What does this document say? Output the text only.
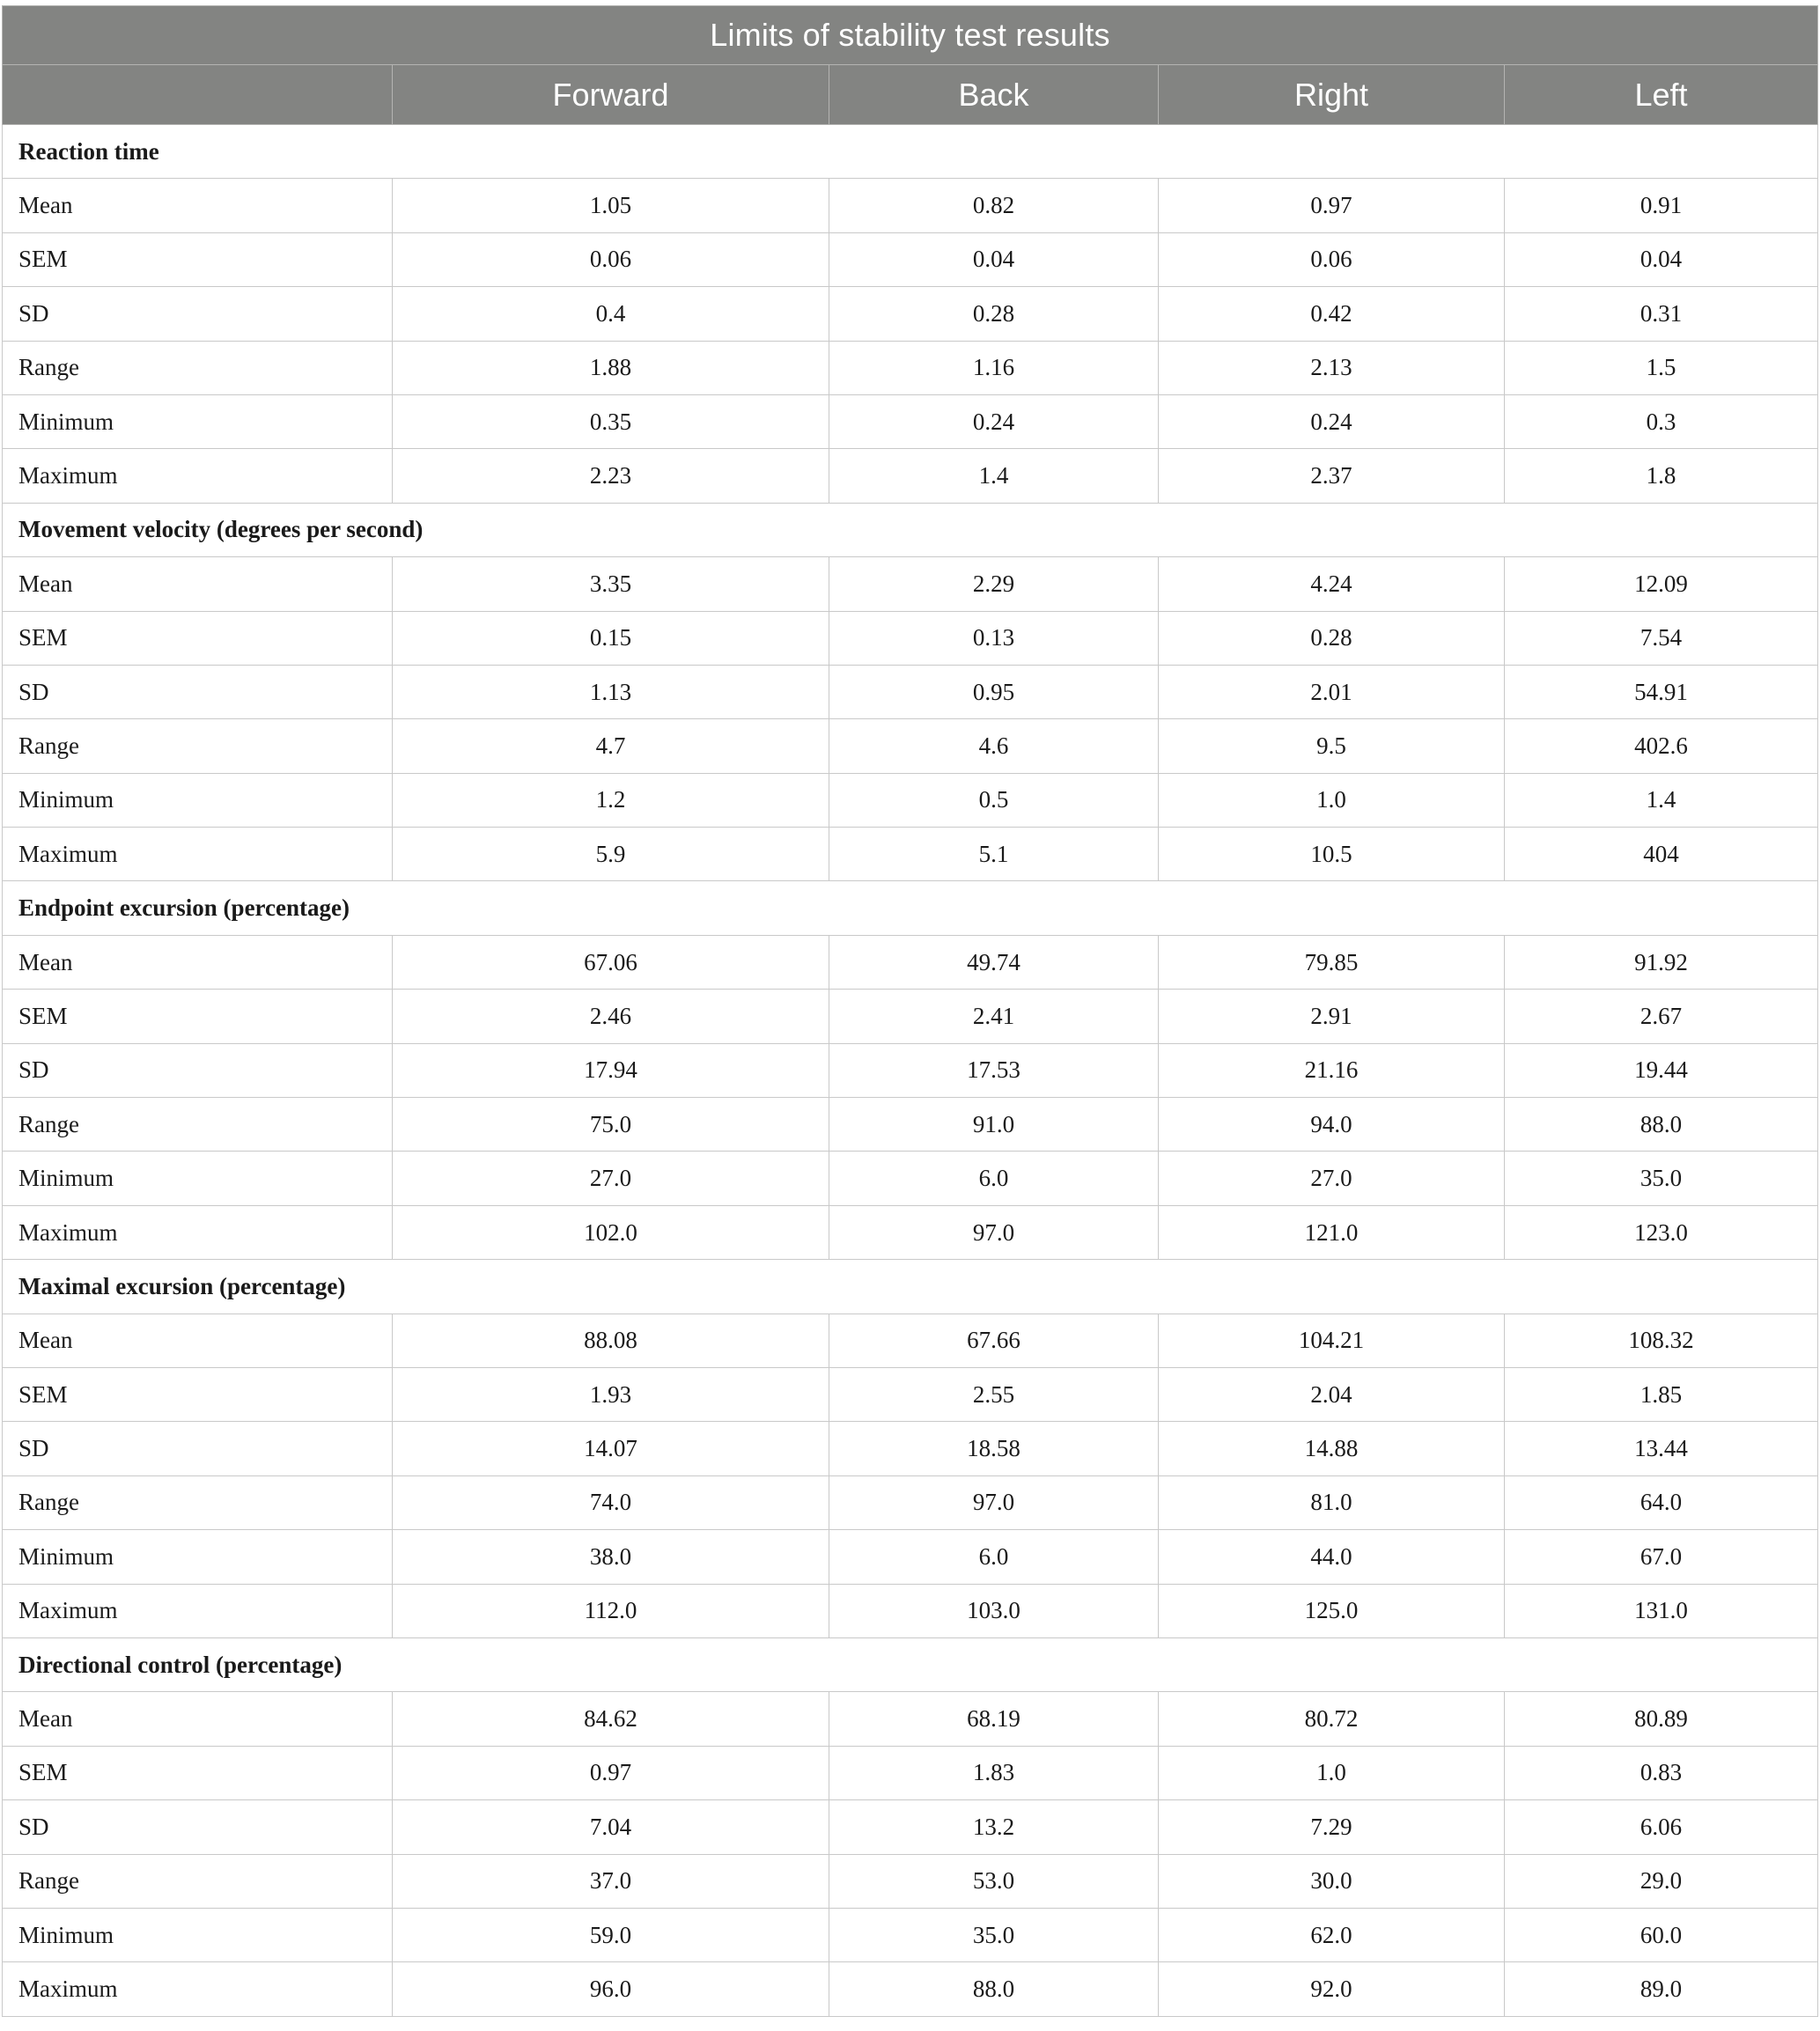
Limits of stability test results				
	Forward	Back	Right	Left
Reaction time				
Mean	1.05	0.82	0.97	0.91
SEM	0.06	0.04	0.06	0.04
SD	0.4	0.28	0.42	0.31
Range	1.88	1.16	2.13	1.5
Minimum	0.35	0.24	0.24	0.3
Maximum	2.23	1.4	2.37	1.8
Movement velocity (degrees per second)				
Mean	3.35	2.29	4.24	12.09
SEM	0.15	0.13	0.28	7.54
SD	1.13	0.95	2.01	54.91
Range	4.7	4.6	9.5	402.6
Minimum	1.2	0.5	1.0	1.4
Maximum	5.9	5.1	10.5	404
Endpoint excursion (percentage)				
Mean	67.06	49.74	79.85	91.92
SEM	2.46	2.41	2.91	2.67
SD	17.94	17.53	21.16	19.44
Range	75.0	91.0	94.0	88.0
Minimum	27.0	6.0	27.0	35.0
Maximum	102.0	97.0	121.0	123.0
Maximal excursion (percentage)				
Mean	88.08	67.66	104.21	108.32
SEM	1.93	2.55	2.04	1.85
SD	14.07	18.58	14.88	13.44
Range	74.0	97.0	81.0	64.0
Minimum	38.0	6.0	44.0	67.0
Maximum	112.0	103.0	125.0	131.0
Directional control (percentage)				
Mean	84.62	68.19	80.72	80.89
SEM	0.97	1.83	1.0	0.83
SD	7.04	13.2	7.29	6.06
Range	37.0	53.0	30.0	29.0
Minimum	59.0	35.0	62.0	60.0
Maximum	96.0	88.0	92.0	89.0
